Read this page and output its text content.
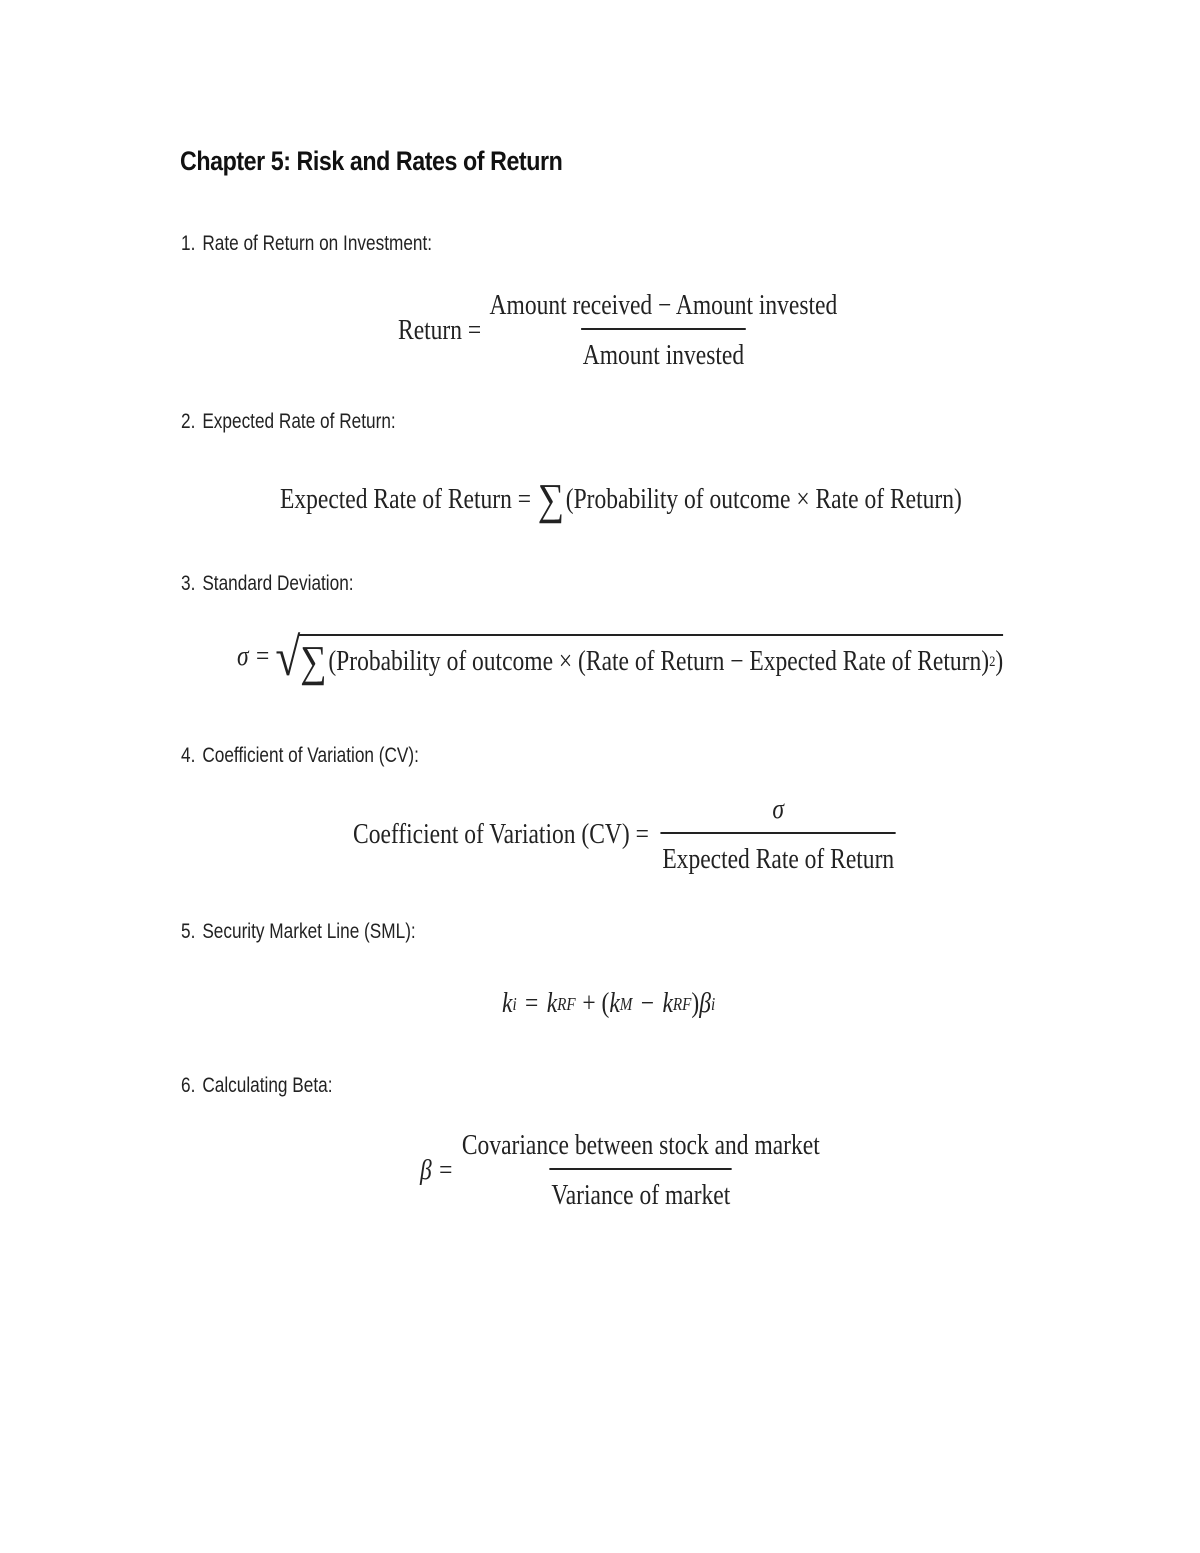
Chapter 5: Risk and Rates of Return
1. Rate of Return on Investment:
Return = $\frac{\text{Amount received − Amount invested}}{\text{Amount invested}}$
2. Expected Rate of Return:
Expected Rate of Return = ∑ (Probability of outcome × Rate of Return)
3. Standard Deviation:
σ = √ ∑ (Probability of outcome × (Rate of Return − Expected Rate of Return) 2 )
4. Coefficient of Variation (CV):
Coefficient of Variation $(CV) = \frac{\sigma}{\text{Expected Rate of Return}}$
5. Security Market Line (SML):
k i = k RF + ( k M − k RF ) β i
6. Calculating Beta:
$\beta = \frac{\text{Covariance between stock and market}}{\text{Variance of market}}$
